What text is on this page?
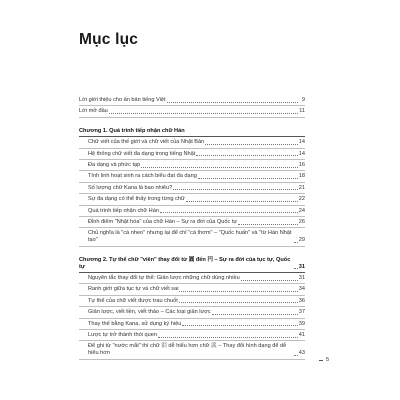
Mục lục
Lời giới thiệu cho ấn bản tiếng Việt	9
Lời mở đầu	11
Chương 1. Quá trình tiếp nhận chữ Hán
Chữ viết của thế giới và chữ viết của Nhật Bản	14
Hệ thống chữ viết đa dạng trong tiếng Nhật	14
Đa dạng và phức tạp	16
Tính linh hoạt sinh ra cách biểu đạt đa dạng	18
Số lượng chữ Kana là bao nhiêu?	21
Sự đa dạng có thể thấy trong từng chữ	22
Quá trình tiếp nhận chữ Hán	24
Đỉnh điểm "Nhật hóa" của chữ Hán – Sự ra đời của Quốc tự	26
Chủ nghĩa là "cá nheo" nhưng lại để chỉ "cá thơm" – "Quốc huấn" và "từ Hán Nhật tạo"	29
Chương 2. Tự thể chữ "viên" thay đổi từ 圓 đến 円 – Sự ra đời của tục tự, Quốc tự	31
Nguyên tắc thay đổi tự thể: Giản lược những chữ dùng nhiều	31
Ranh giới giữa tục tự và chữ viết sai	34
Tự thể của chữ viết được trau chuốt	36
Giản lược, viết liền, viết thảo – Các loại giản lược	37
Thay thế bằng Kana, sử dụng ký hiệu	39
Lược tự trở thành thói quen	41
Để ghi từ "nước mắt" thì chữ 泪 dễ hiểu hơn chữ 涙 – Thay đổi hình dạng để dễ hiểu hơn	43
5
